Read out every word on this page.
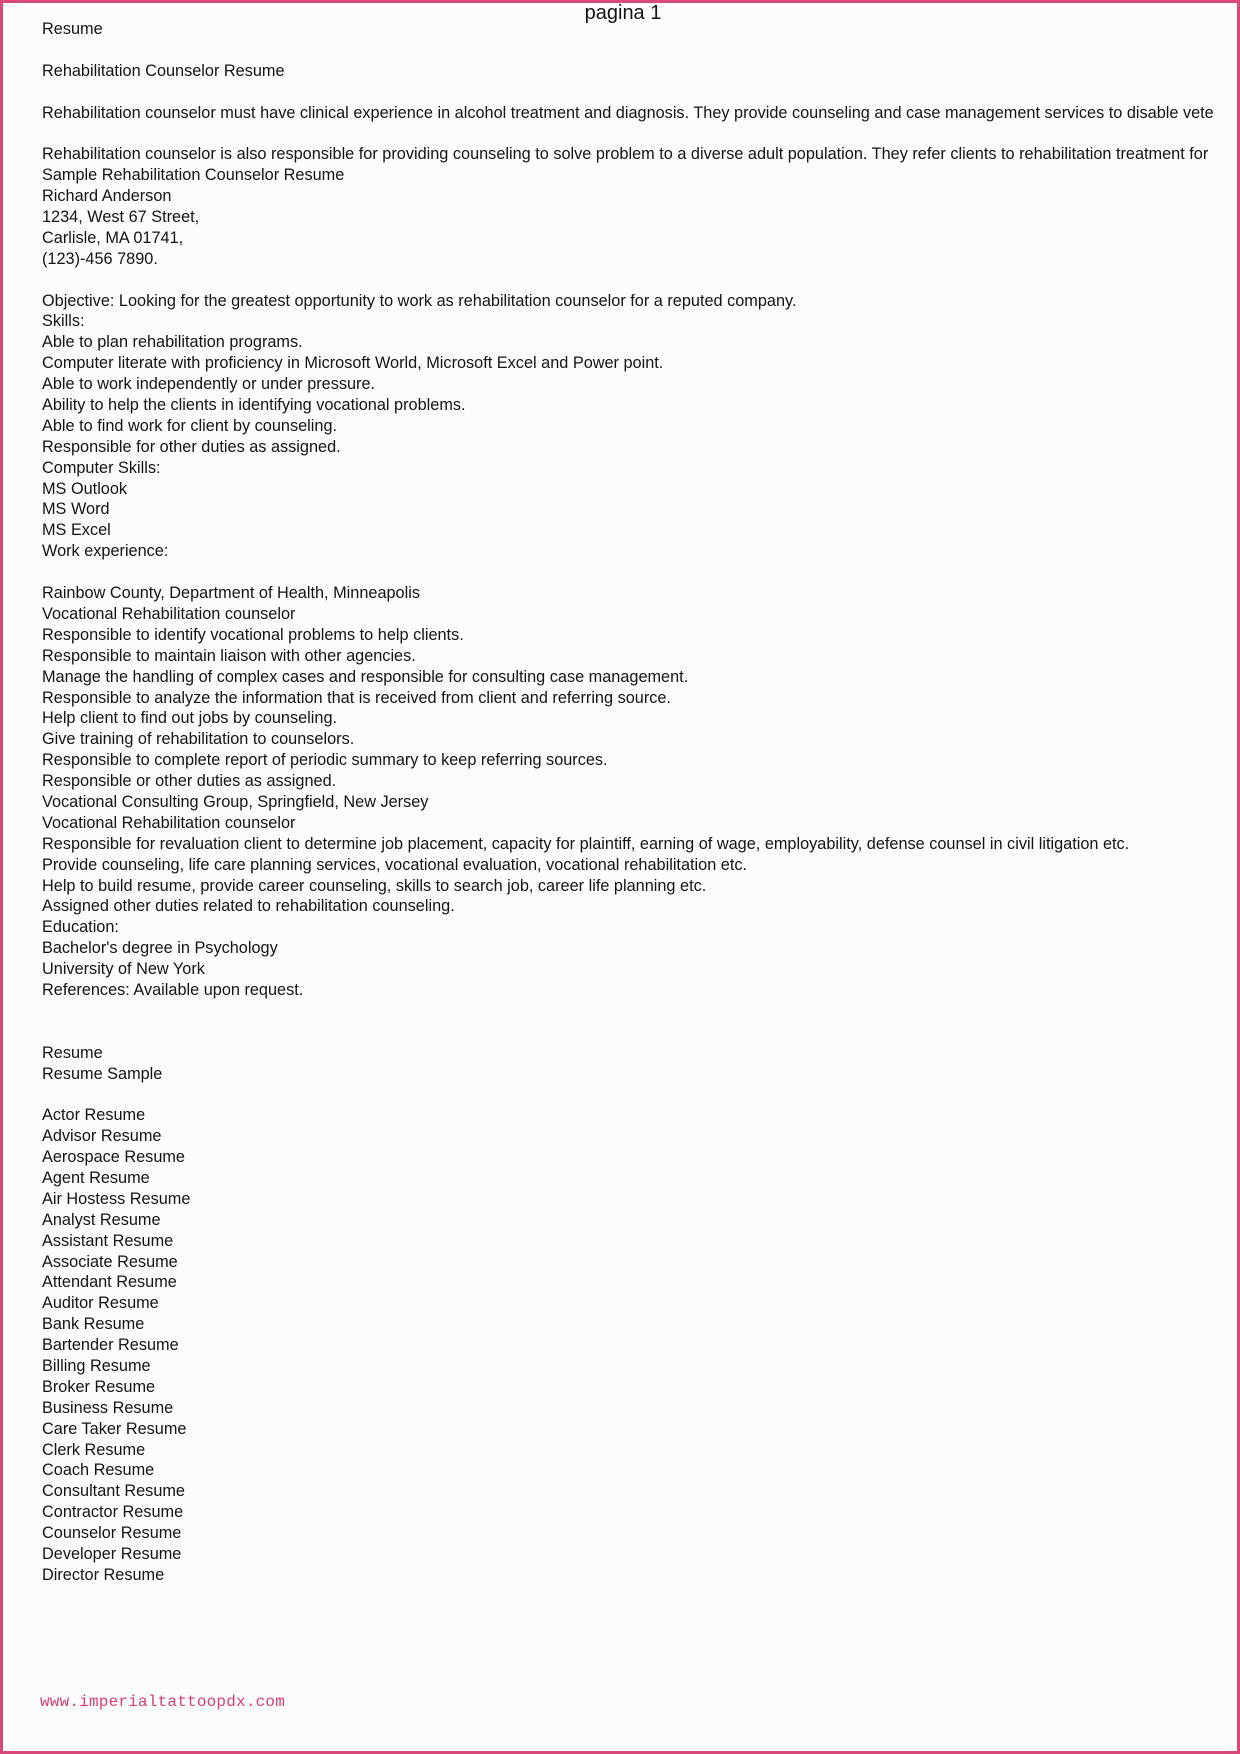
pagina 1
Resume
Rehabilitation Counselor Resume
Rehabilitation counselor must have clinical experience in alcohol treatment and diagnosis. They provide counseling and case management services to disable vete
Rehabilitation counselor is also responsible for providing counseling to solve problem to a diverse adult population. They refer clients to rehabilitation treatment for
Sample Rehabilitation Counselor Resume
Richard Anderson
1234, West 67 Street,
Carlisle, MA 01741,
(123)-456 7890.
Objective: Looking for the greatest opportunity to work as rehabilitation counselor for a reputed company.
Skills:
Able to plan rehabilitation programs.
Computer literate with proficiency in Microsoft World, Microsoft Excel and Power point.
Able to work independently or under pressure.
Ability to help the clients in identifying vocational problems.
Able to find work for client by counseling.
Responsible for other duties as assigned.
Computer Skills:
MS Outlook
MS Word
MS Excel
Work experience:
Rainbow County, Department of Health, Minneapolis
Vocational Rehabilitation counselor
Responsible to identify vocational problems to help clients.
Responsible to maintain liaison with other agencies.
Manage the handling of complex cases and responsible for consulting case management.
Responsible to analyze the information that is received from client and referring source.
Help client to find out jobs by counseling.
Give training of rehabilitation to counselors.
Responsible to complete report of periodic summary to keep referring sources.
Responsible or other duties as assigned.
Vocational Consulting Group, Springfield, New Jersey
Vocational Rehabilitation counselor
Responsible for revaluation client to determine job placement, capacity for plaintiff, earning of wage, employability, defense counsel in civil litigation etc.
Provide counseling, life care planning services, vocational evaluation, vocational rehabilitation etc.
Help to build resume, provide career counseling, skills to search job, career life planning etc.
Assigned other duties related to rehabilitation counseling.
Education:
Bachelor's degree in Psychology
University of New York
References: Available upon request.
Resume
Resume Sample
Actor Resume
Advisor Resume
Aerospace Resume
Agent Resume
Air Hostess Resume
Analyst Resume
Assistant Resume
Associate Resume
Attendant Resume
Auditor Resume
Bank Resume
Bartender Resume
Billing Resume
Broker Resume
Business Resume
Care Taker Resume
Clerk Resume
Coach Resume
Consultant Resume
Contractor Resume
Counselor Resume
Developer Resume
Director Resume
www.imperialtattoopdx.com
